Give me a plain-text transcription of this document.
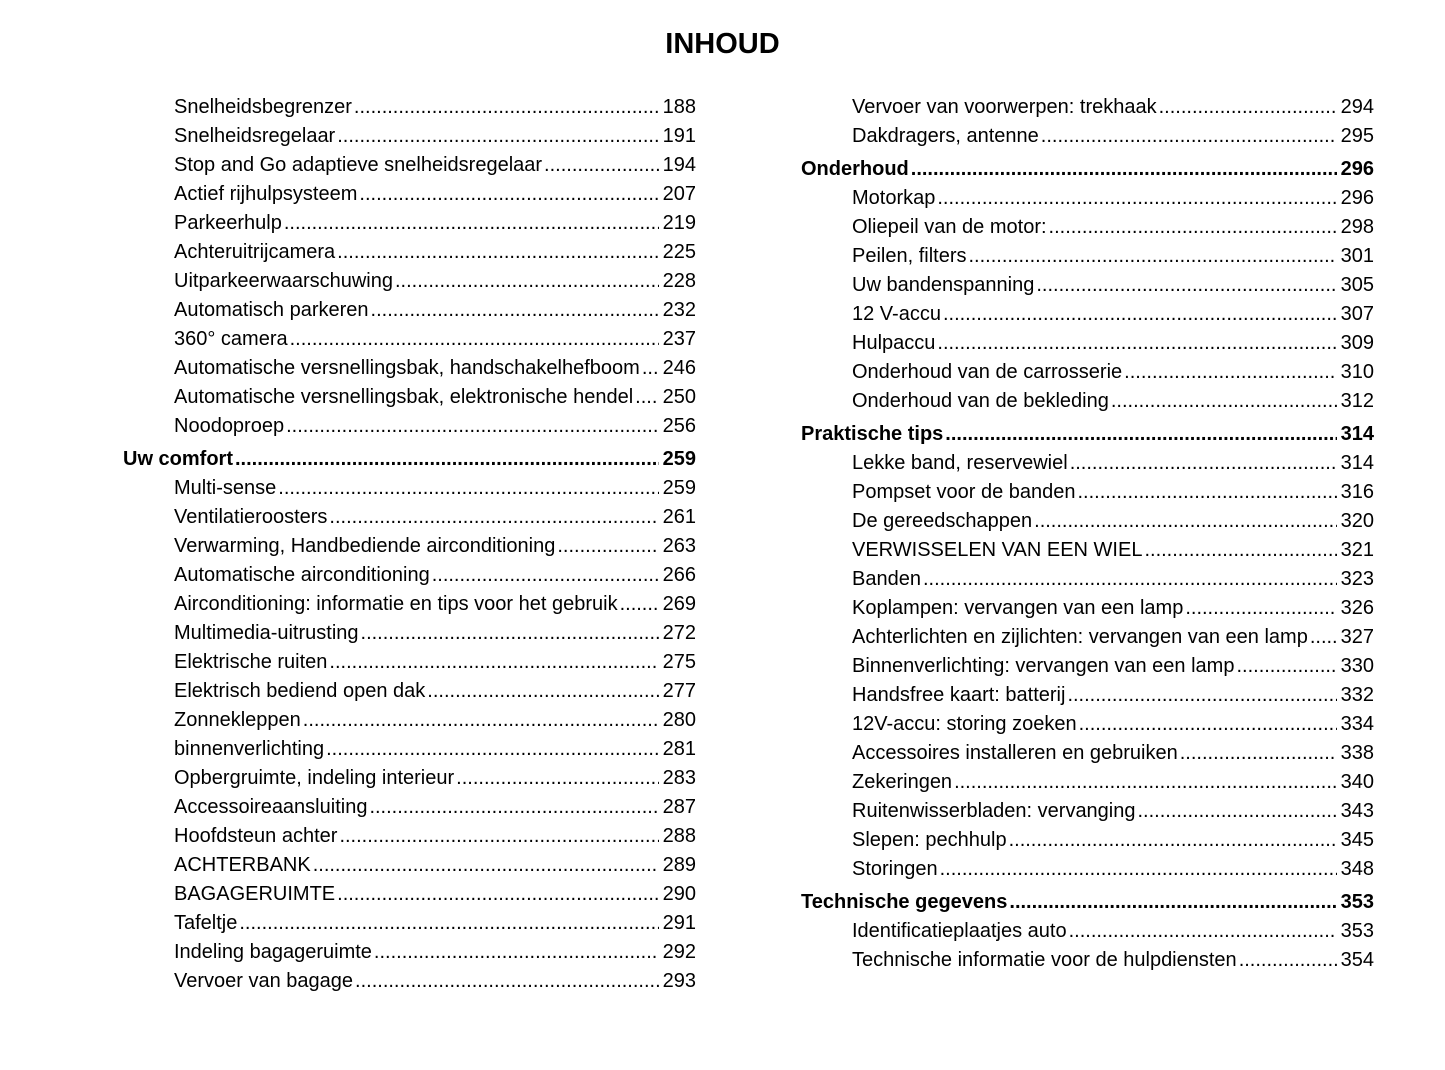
INHOUD
Snelheidsbegrenzer .....	188
Snelheidsregelaar .....	191
Stop and Go adaptieve snelheidsregelaar .....	194
Actief rijhulpsysteem .....	207
Parkeerhulp .....	219
Achteruitrijcamera .....	225
Uitparkeerwaarschuwing .....	228
Automatisch parkeren .....	232
360° camera .....	237
Automatische versnellingsbak, handschakelhefboom ..... 246
Automatische versnellingsbak, elektronische hendel ..... 250
Noodoproep .....	256
Uw comfort .....	259
Multi-sense .....	259
Ventilatieroosters .....	261
Verwarming, Handbediende airconditioning .....	263
Automatische airconditioning .....	266
Airconditioning: informatie en tips voor het gebruik ..... 269
Multimedia-uitrusting .....	272
Elektrische ruiten .....	275
Elektrisch bediend open dak .....	277
Zonnekleppen .....	280
binnenverlichting .....	281
Opbergruimte, indeling interieur .....	283
Accessoireaansluiting .....	287
Hoofdsteun achter .....	288
ACHTERBANK .....	289
BAGAGERUIMTE .....	290
Tafeltje .....	291
Indeling bagageruimte .....	292
Vervoer van bagage .....	293
Vervoer van voorwerpen: trekhaak .....	294
Dakdragers, antenne .....	295
Onderhoud .....	296
Motorkap .....	296
Oliepeil van de motor: .....	298
Peilen, filters .....	301
Uw bandenspanning .....	305
12 V-accu .....	307
Hulpaccu .....	309
Onderhoud van de carrosserie .....	310
Onderhoud van de bekleding .....	312
Praktische tips .....	314
Lekke band, reservewiel .....	314
Pompset voor de banden .....	316
De gereedschappen .....	320
VERWISSELEN VAN EEN WIEL .....	321
Banden .....	323
Koplampen: vervangen van een lamp .....	326
Achterlichten en zijlichten: vervangen van een lamp ..... 327
Binnenverlichting: vervangen van een lamp .....	330
Handsfree kaart: batterij .....	332
12V-accu: storing zoeken .....	334
Accessoires installeren en gebruiken .....	338
Zekeringen .....	340
Ruitenwisserbladen: vervanging .....	343
Slepen: pechhulp .....	345
Storingen .....	348
Technische gegevens .....	353
Identificatieplaatjes auto .....	353
Technische informatie voor de hulpdiensten .....	354
